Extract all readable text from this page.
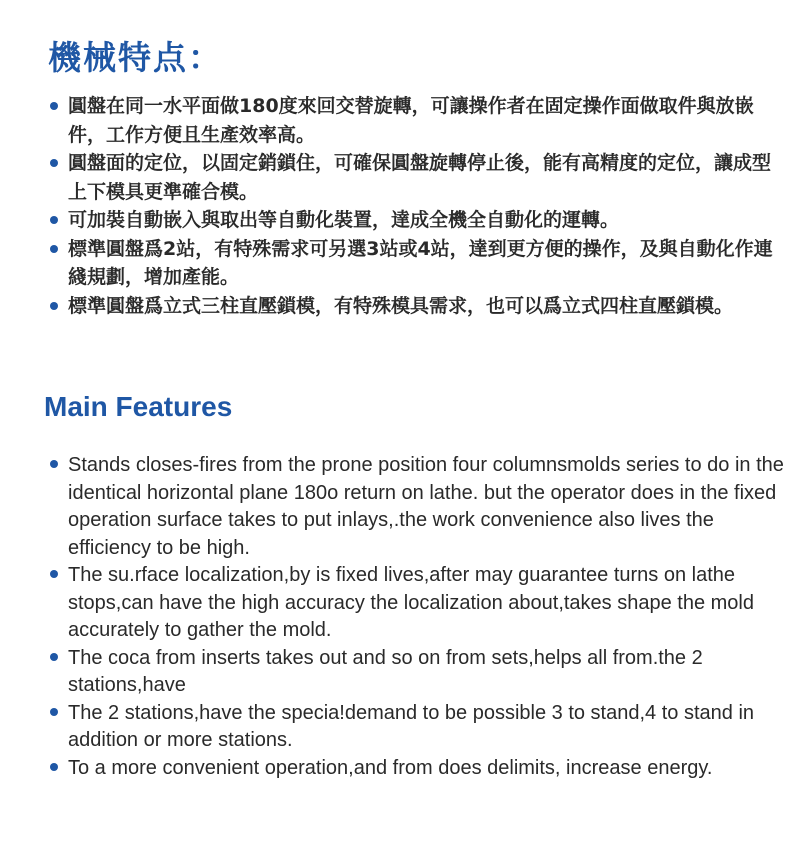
機械特点：
圓盤在同一水平面做180度來回交替旋轉，可讓操作者在固定操作面做取件與放嵌件，工作方便且生產效率高。
圓盤面的定位，以固定銷鎖住，可確保圓盤旋轉停止後，能有高精度的定位，讓成型上下模具更準確合模。
可加裝自動嵌入與取出等自動化裝置，達成全機全自動化的運轉。
標準圓盤爲2站，有特殊需求可另選3站或4站，達到更方便的操作，及與自動化作連綫規劃，增加產能。
標準圓盤爲立式三柱直壓鎖模，有特殊模具需求，也可以爲立式四柱直壓鎖模。
Main Features
Stands closes-fires from the prone position four columnsmolds series to do in the identical horizontal plane 180o return on lathe. but the operator does in the fixed operation surface takes to put inlays,.the work convenience also lives the efficiency to be high.
The su.rface localization,by is fixed lives,after may guarantee turns on lathe stops,can have the high accuracy the localization about,takes shape the mold accurately to gather the mold.
The coca from inserts takes out and so on from sets,helps all from.the 2 stations,have
The 2 stations,have the specia!demand to be possible 3 to stand,4 to stand in addition or more stations.
To a more convenient operation,and from does delimits, increase energy.
